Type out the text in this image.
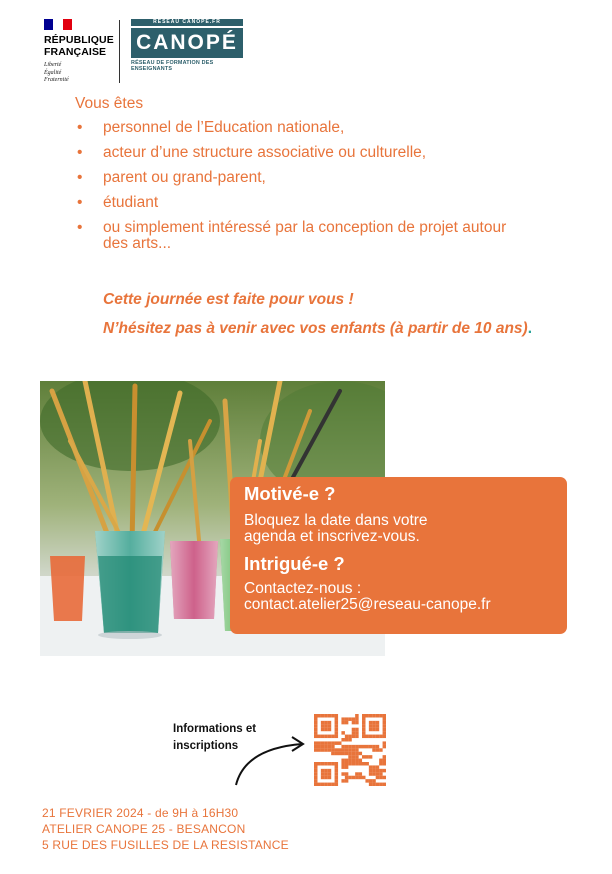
RÉPUBLIQUE
FRANÇAISE
Liberté
Égalité
Fraternité
RESEAU CANOPE.FR
CANOPÉ
RÉSEAU DE FORMATION DES ENSEIGNANTS
Vous êtes
• personnel de l’Education nationale,
• acteur d’une structure associative ou culturelle,
• parent ou grand-parent,
• étudiant
• ou simplement intéressé par la conception de projet autour des arts...
Cette journée est faite pour vous !
N’hésitez pas à venir avec vos enfants (à partir de 10 ans).
Motivé-e ?
Bloquez la date dans votre
agenda et inscrivez-vous.
Intrigué-e ?
Contactez-nous :
contact.atelier25@reseau-canope.fr
Informations et
inscriptions
21 FEVRIER 2024 - de 9H à 16H30
ATELIER CANOPE 25 - BESANCON
5 RUE DES FUSILLES DE LA RESISTANCE
